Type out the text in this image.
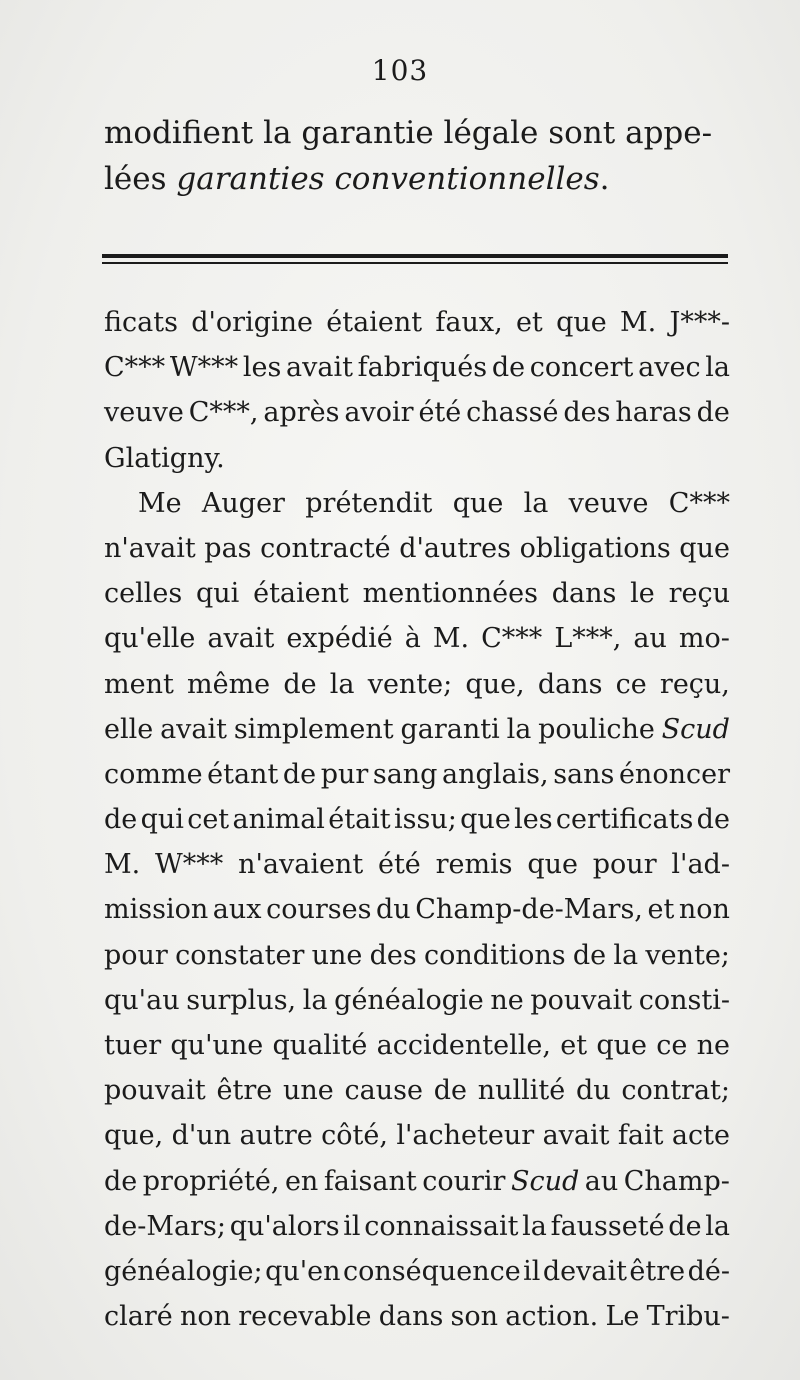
103
modifient la garantie légale sont appe-
lées garanties conventionnelles.
ficats d'origine étaient faux, et que M. J***-
C*** W*** les avait fabriqués de concert avec la
veuve C***, après avoir été chassé des haras de
Glatigny.
Me Auger prétendit que la veuve C***
n'avait pas contracté d'autres obligations que
celles qui étaient mentionnées dans le reçu
qu'elle avait expédié à M. C*** L***, au mo-
ment même de la vente; que, dans ce reçu,
elle avait simplement garanti la pouliche Scud
comme étant de pur sang anglais, sans énoncer
de qui cet animal était issu; que les certificats de
M. W*** n'avaient été remis que pour l'ad-
mission aux courses du Champ-de-Mars, et non
pour constater une des conditions de la vente;
qu'au surplus, la généalogie ne pouvait consti-
tuer qu'une qualité accidentelle, et que ce ne
pouvait être une cause de nullité du contrat;
que, d'un autre côté, l'acheteur avait fait acte
de propriété, en faisant courir Scud au Champ-
de-Mars; qu'alors il connaissait la fausseté de la
généalogie; qu'en conséquence il devait être dé-
claré non recevable dans son action. Le Tribu-
